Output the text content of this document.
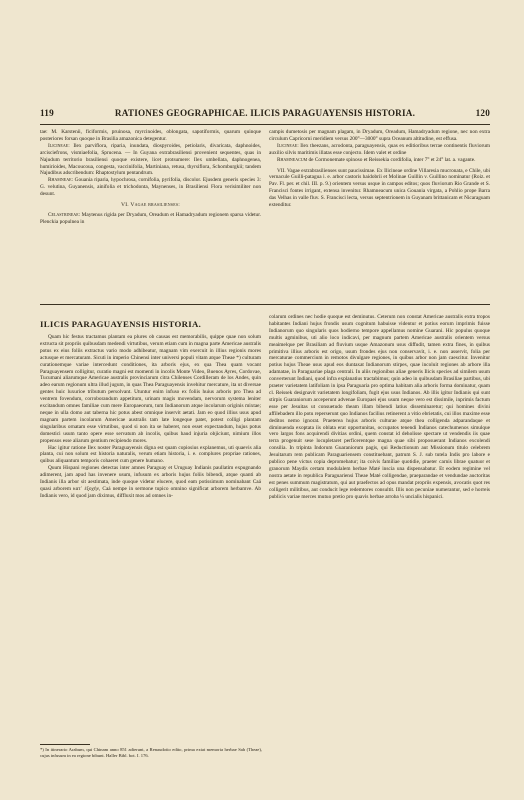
119	RATIONES GEOGRAPHICAE. ILICIS PARAGUAYENSIS HISTORIA.	120

tae: M. Karstenii, ficiformis, pruinosa, myrcinoides, oblongata, sapotiformis, quarum quinque posteriores forsan quoque in Brasilia amazonica detegentur.

Ilicineae: Ilex parviflora, riparia, inundata, diospyroides, petiolaris, divaricata, daphnoides, arcisciefrons, vismiaefolia, Sprucena. — In Guyana extrabrasiliensi provenient sequentes, quas in Najudum territorio brasiliensi quoque existere, licet protsumere: Ilex umbellata, daphnogenea, humirioides, Macoucoua, congesta, vaccinifolia, Martiniana, retusa, thyrsiflora, Schomburgkii; tandem Najudibus adscribendum: Rhaptostylum pentandrum.

Rhamneae: Gouania riparia, hypochrosa, cornifolia, pyrifolia, discolor. Ejusdem generis species 3: G. velutina, Guyanensis, ainifolia et trichodonta, Maynenses, in Brasiliensi Flora verisimiliter non desunt.

VI. Vagae brasilienses:

Celastrineae: Maytenus rigida per Dryadum, Oreadum et Hamadryadum regionem sparsa videtur. Plenckia populnea in

campis dumetosis per magnam plagam, in Dryadum, Oreadum, Hamadryadum regione, nec non extra circulum Capricorni meridiem versus 200°—3000° supra Oceanum altitudine, est effusa.

Ilicineae: Ilex theezans, acrodonta, paraguayensis, quas ex editioribus terrae continentis fluviorum auxilio silvis maritimis illatas esse conjecto. Idem valet et ordine

Rhamneacum de Cormonemate spinoso et Reissekia cordifolia, inter 7° et 24° lat. a. vagante.

VII. Vagae extrabrasilienses sunt paucissimae. Ex Ilicineae ordine Villaresia mucronata, e Chile, ubi vernacule Guilli-patagua i. e. arbor castoris haidobrii et Molinae Guillin v. Guillino nominatur (Roiz. et Pav. Fl. per. et chil. III. p. 9.) orientem versus usque in campos editos; quos fluviorum Rio Grande et S. Francisci fontes irrigant, extensa invenitur. Rhamneacum unica Gouania virgata, a Pohlio prope Barra das Velhas in valle fluv. S. Francisci lecta, versus septentrionem in Guyanam brittanicam et Nicaraguam extenditur.

ILICIS PARAGUAYENSIS HISTORIA.

Quam hic festus tractamus plantam ea plures ob causas est memorabilis, quippe quae non solum extructa sit propriis quibusdam medendi virtutibus, verum etiam cum in magna parte Americae australis potus ex eius foliis extractus vario modo adhibeatur, magnam vim exercuit in illius regionis mores actusque et mercaturam. Sicuti in imperio Chinensi inter universi populi vitam atque Theae *) culturam curationemque variae intercedunt conditiones, ita arboris ejus, ex qua Thea quam vocant Paraguayensem colligitur, curatio magni est momenti in incolis Monte Video, Buenos Ayres, Cordovae, Tucumani aliarumque Americae australis provinciarum citra Chilenses Cordilleram de los Andes, quin adeo earum regionum ultra illud jugum, in quas Thea Paraguayensis invehitur mercature, ita ut diversae gentes huic luxurioe tributum persolvant. Utuntur enim infuso ex foliis huius arboris pro Thea ad ventrem fovendum, corroborandum appetitum, urinam magis movendam, nervorum systema leniter excitandum omnes familiae cum mere Europaeorum, tum Indianorum atque incolarum originis mixtae; neque in ulla domo aut taberna hic potus abest omnique inservit aetati. Jam eo quod illius usus apud magnam partem incolarum Americae australis tam late longeque patet, potest colligi plantam singularibus ornatam esse virtutibus, quod si non ita se haberet, non esset expectandum, hujus potus domestici usum tanto opere esse servatum ab incolis, quibus haud injuria objiciunt, nimium illos propensos esse aliarum gentium recipiendo mores.

Hac igitur ratione Ilex noster Paraguayensis digna est quam copiosius explanemus, uti quaevis alia planta, cui non solum est historia naturalis, verum etiam historia, i. e. complures propriae rationes, quibus aliquantum temporis cohaeret cum genere humano.

Quum Hispani regiones detectas inter amnes Paraguay et Uruguay Indianis paullatim expugnando adimerent, jam apud has invenere usum, infusum ex arboris hujus foliis bibendi, atque quanti ab Indianis illa arbor sit aestimata, inde quoque videtur elucere, quod eam potissimum nominabant Caá quasi arborem κατ᾽ ἐξοχήν, Caá nempe in sermone tupico omnino significat arborem herbamve. Ab Indianis vero, id quod jam diximus, diffluxit mos ad omnes in-

colarum ordines nec hodie quoque est deminutus. Ceterum non constat Americae australis extra tropos habitantes Indiani hujus frondis usum cognitum habuisse videntur et potius eorum imprimis fuisse Indianorum quo singularis quos hodierno tempore appellamus nomine Guarani. Hic populus quoque multis agminibus, uti alio loco indicavi, per magnum partem Americae australis orientem versus meaimelque per Brasiliam ad fluvium usque Amazonum usus diffudit, tamen extra fines, in quibus primitiva illius arboris est origo, usum frondes ejus non conservavit, i. e. non asservit, folia per mercaturae commercium in remotos divulgare regiones, in quibus arbor non jam caescitur. Invenitur potius hujus Theae usus apud eos duntaxat Indianorum stirpes, quae incoluit regiones ab arbore illa adamatae, in Paraguariae plaga centrali. In aliis regionibus aliae generis Ilicis species ad similem usum converterunt Indiani, quod infra explanatius tractabimus; quin adeo in quibusdam Brasiliae partibus, ubi praeter varietatem latifoliam in ipsa Paraguaria pro optima habitam alia arboris forma dominatur, quam cl. Reissek designavit varietatem longifoliam, fugit ejus usus Indianos. Ab illis igitur Indianis qui sunt stirpis Guaraniorum acceperunt advenae Europaei ejus usum neque vero est dissimile, inprimis factum esse per Jesuitas ut consuetudo theam illam bibendi latius disseminaretur; qui homines divini affilebadem illo potu reperserunt quo Indianos facilius retinerent a vitio ebrietatis, cui illos maxime esse deditos nemo ignorat. Praeterea hujus arboris culturae atque thea colligenda adparandaque et diminuenda exoptata iis oblata erat opportunitas, occupatos tenendi Indianos catechumenos simulque vero largos fons acquirendi divitias ordini, quem constat id deholisse spectare ut vendendis iis quae terra progenuit sese locupletaret perficerentque magna quae sibi proposuerant Indianos excolendi consilia. In tripinta Indorum Guaraniorum pagis, qui Reductionum aut Missionum titulo celebrem Jesuitarum rem publicam Paraguariensem constituebant, patrum S. J. sub tutela Indis pro labore e publico pene victus copia depromebatur; ita coivis familiae quotidie, praeter carnis librae quatuor et granorum Maydis certam modulalem herbae Maté inscia una dispensabatur. Et eodem regimine vel nostra aetate in republica Paraguariensi Theae Maté colligendae, praeparandae et vendundae auctoritas est penes summum magistratum, qui aut praefectos ad opus mandat propriis expensis, avocatis quot res colligerit militibus, aut conducit lege redemtores consultit. Illis non pecuniae numerantur, sed e horreis publicis variae merces mutuo pretio pro quavis herbae arroba ¼ uncialis hispanici.

*) In itinerario Arabum, qui Chinam anno 851 adierunt, a Renaudotio edito, prima extat memoria herbae Sah (Theae), cujus infusum in ea regione bibunt. Haller Bibl. bot. I. 176.
